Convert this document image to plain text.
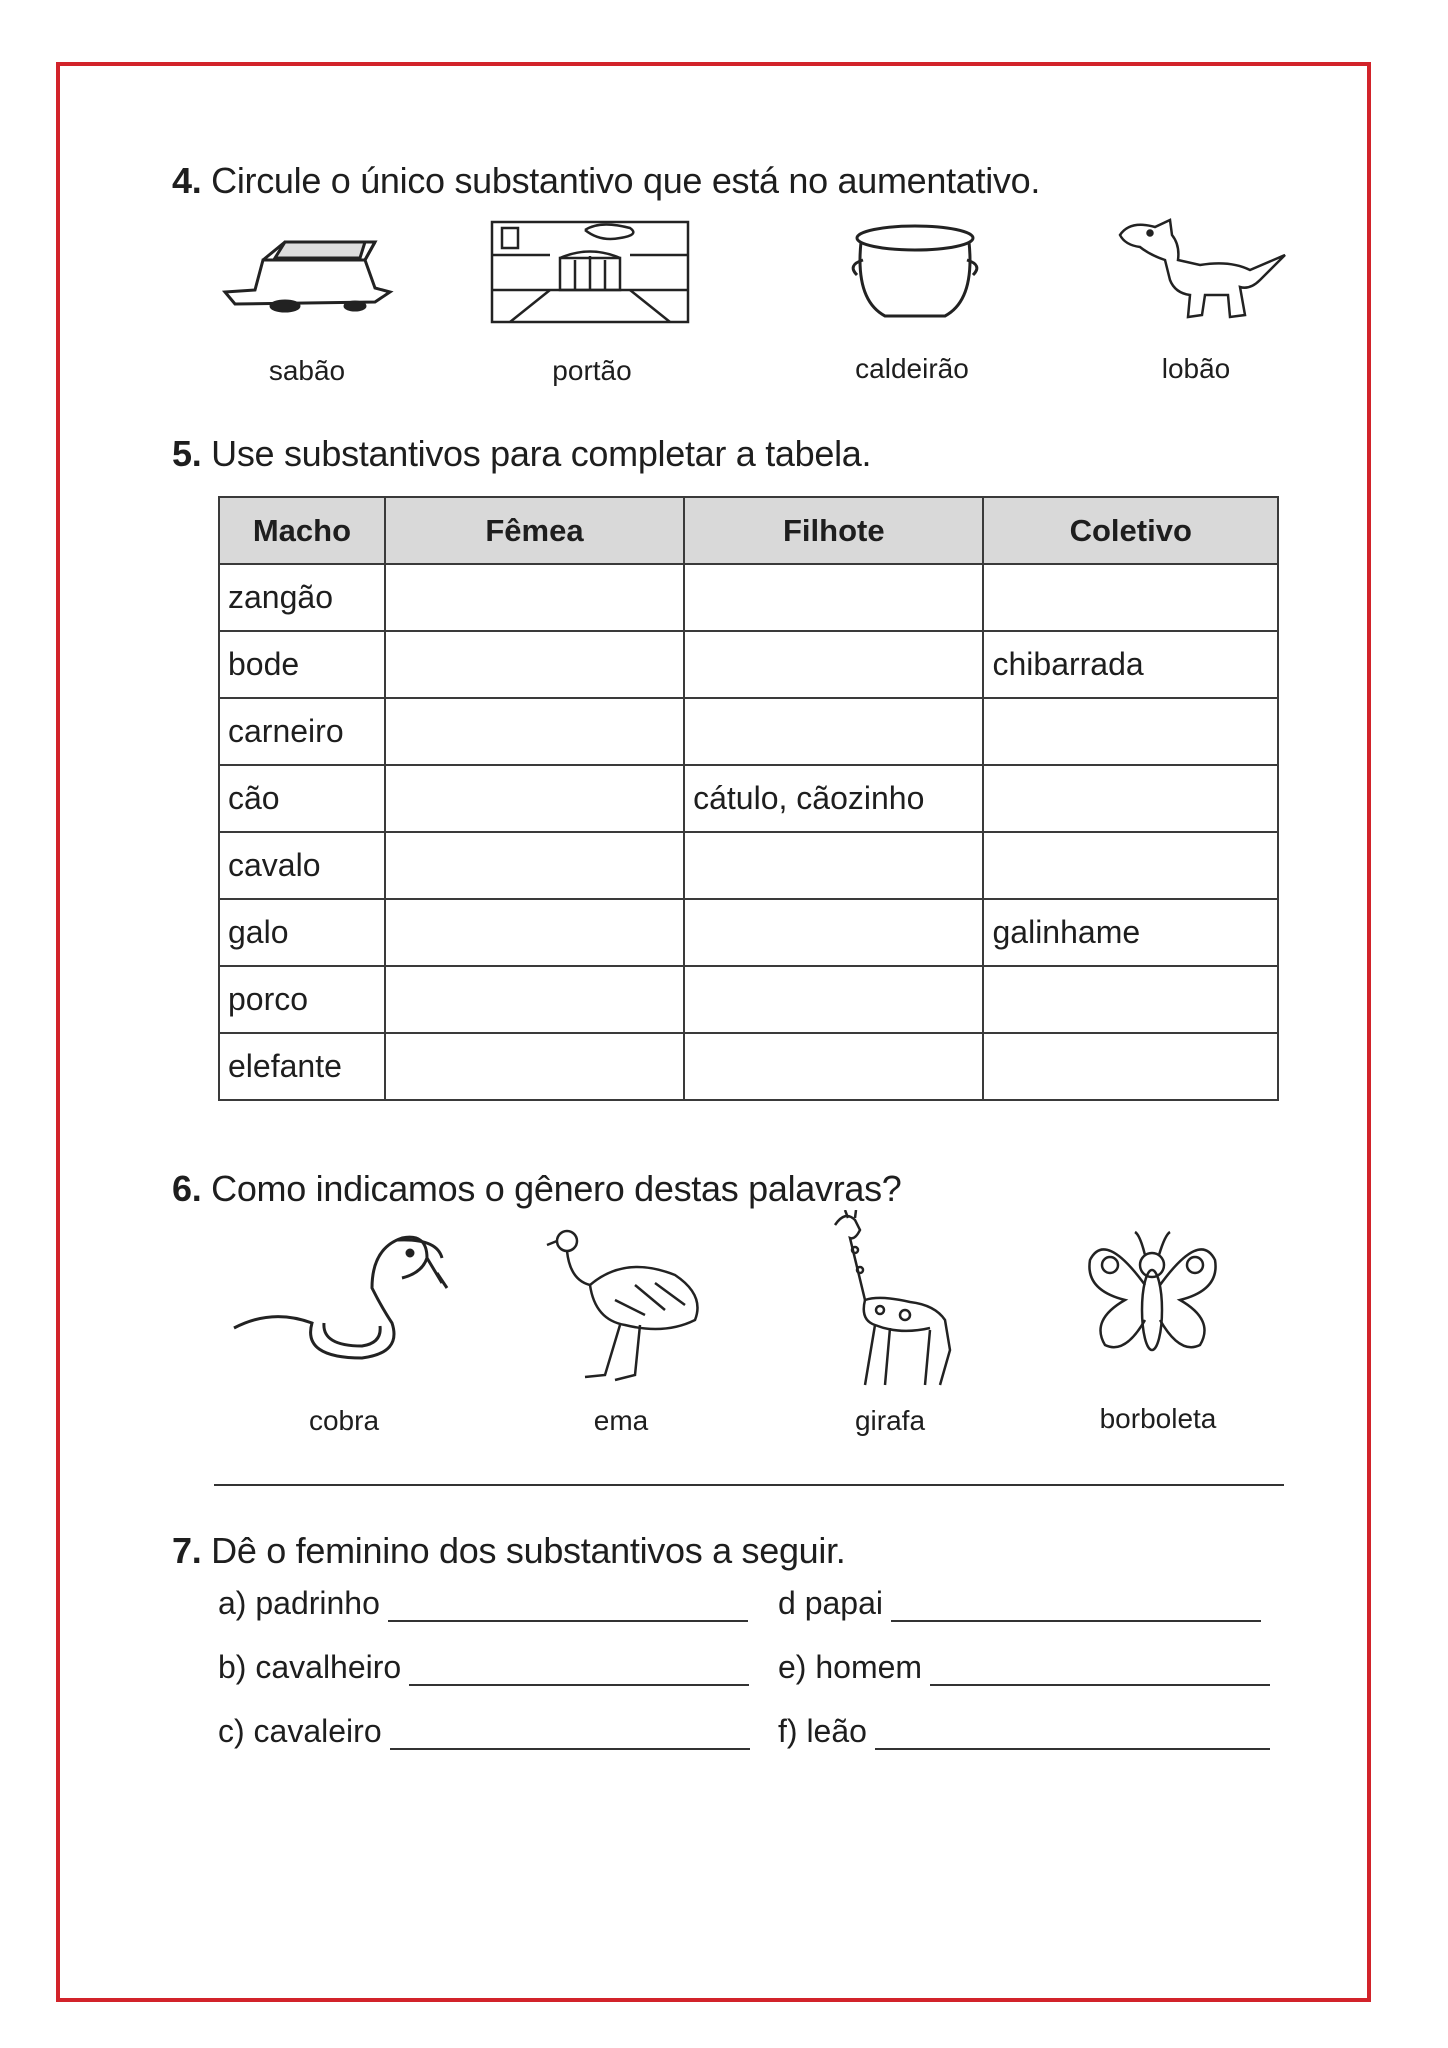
4. Circule o único substantivo que está no aumentativo.
sabão	portão	caldeirão	lobão
5. Use substantivos para completar a tabela.
Macho	Fêmea	Filhote	Coletivo
zangão			
bode			chibarrada
carneiro			
cão		cátulo, cãozinho	
cavalo			
galo			galinhame
porco			
elefante			
6. Como indicamos o gênero destas palavras?
cobra	ema	girafa	borboleta
7. Dê o feminino dos substantivos a seguir.
a) padrinho	d papai
b) cavalheiro	e) homem
c) cavaleiro	f) leão
